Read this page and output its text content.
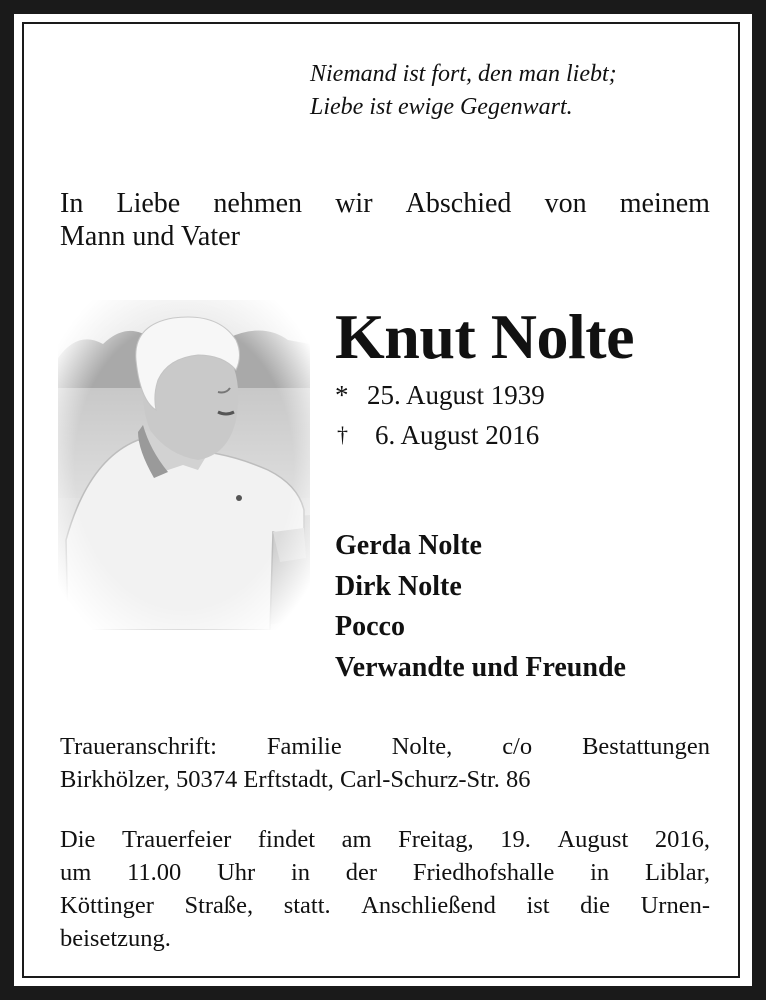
Niemand ist fort, den man liebt;
Liebe ist ewige Gegenwart.
In Liebe nehmen wir Abschied von meinem
Mann und Vater
Knut Nolte
* 25. August 1939
†	6. August 2016
Gerda Nolte
Dirk Nolte
Pocco
Verwandte und Freunde
Traueranschrift: Familie Nolte, c/o Bestattungen
Birkhölzer, 50374 Erftstadt, Carl-Schurz-Str. 86
Die Trauerfeier findet am Freitag, 19. August 2016,
um 11.00 Uhr in der Friedhofshalle in Liblar,
Köttinger Straße, statt. Anschließend ist die Urnen-
beisetzung.
